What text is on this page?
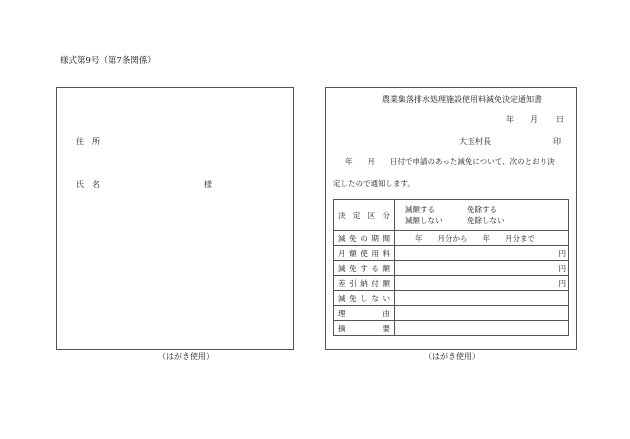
様式第9号（第7条関係）
住　所
氏　名	様
（はがき使用）
農業集落排水処理施設使用料減免決定通知書
年 月 日
大玉村長	印
年　　月　　日付で申請のあった減免について、次のとおり決
定したので通知します。
決定区分	減額する 免除する
減額しない 免除しない

減免の期間	年　　月分から　　年　　月分まで
月額使用料	円

減免する額	円

差引納付額	円

減免しない	
理　　由	
摘　　要	
（はがき使用）
